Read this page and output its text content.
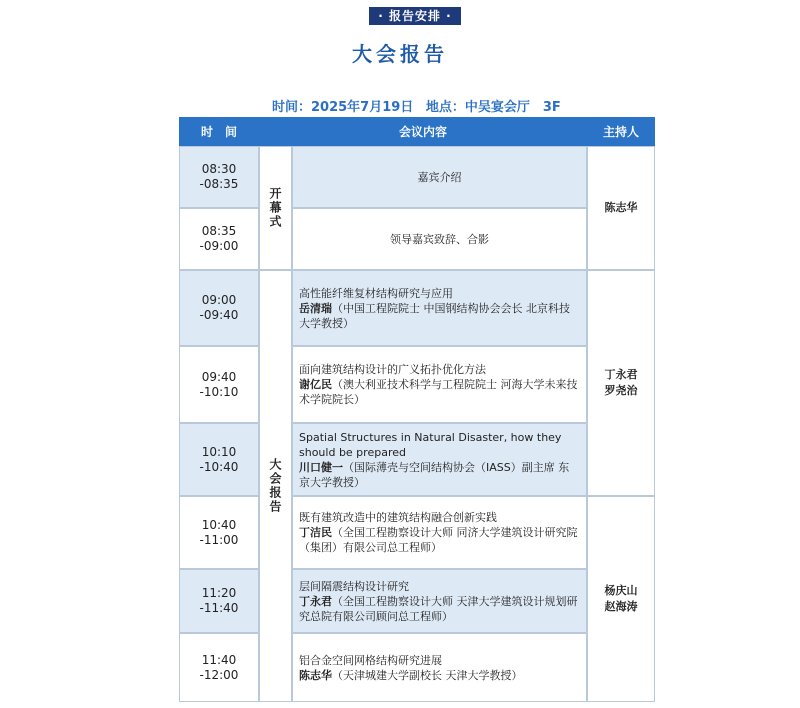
· 报告安排 ·
大会报告
时间：2025年7月19日 地点：中吴宴会厅　3F
时　间	会议内容	主持人
08:30
-08:35
08:35
-09:00
09:00
-09:40
09:40
-10:10
10:10
-10:40
10:40
-11:00
11:20
-11:40
11:40
-12:00
开幕式
大会报告
嘉宾介绍
领导嘉宾致辞、合影
高性能纤维复材结构研究与应用
岳清瑞（中国工程院院士 中国钢结构协会会长 北京科技大学教授）
面向建筑结构设计的广义拓扑优化方法
谢亿民（澳大利亚技术科学与工程院院士 河海大学未来技术学院院长）
Spatial Structures in Natural Disaster, how they should be prepared
川口健一（国际薄壳与空间结构协会（IASS）副主席 东京大学教授）
既有建筑改造中的建筑结构融合创新实践
丁洁民（全国工程勘察设计大师 同济大学建筑设计研究院（集团）有限公司总工程师）
层间隔震结构设计研究
丁永君（全国工程勘察设计大师 天津大学建筑设计规划研究总院有限公司顾问总工程师）
铝合金空间网格结构研究进展
陈志华（天津城建大学副校长 天津大学教授）
陈志华
丁永君
罗尧治
杨庆山
赵海涛
